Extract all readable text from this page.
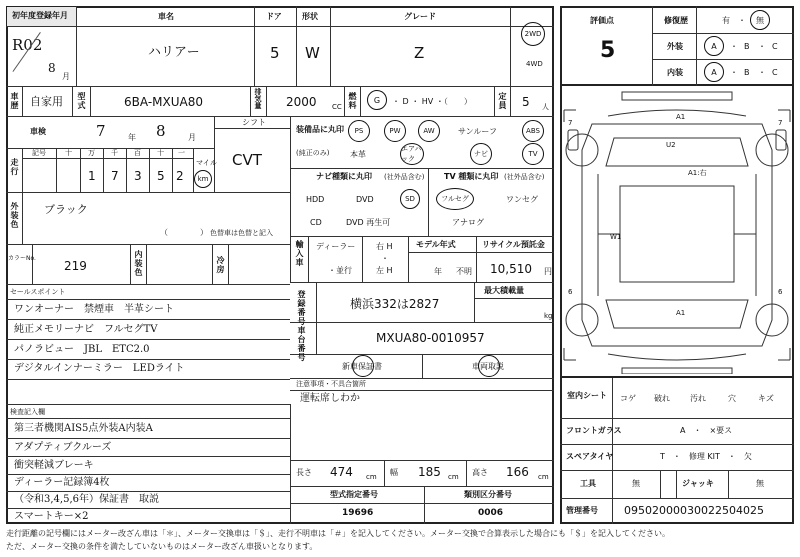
初年度登録年月
R02
8
月
車名
ハリアー
ドア
5
形状
W
グレード
Z
2WD
4WD
評価点
5
修復歴	有 ・ 無
外装	A ・ B ・ C
内装	A ・ B ・ C
車歴 自家用 型式	6BA-MXUA80	排気量 2000 CC 燃料 G ・ D ・ HV ・（　　）	定員 5 人
車検	7	年 8	月
シフト
CVT
走行
記号	十 万 千 百 十 一
1 7 3 5 2
マイル
km
装備品に丸印
(純正のみ)
PS	PW	AW	サンルーフ	ABS
本革
エアバック
ナビ	TV
ナビ種類に丸印 (社外品含む)
HDD	DVD	SD
CD	DVD 再生可
TV 種類に丸印 (社外品含む)
フルセグ	ワンセグ
アナログ
外装色 ブラック
（　　　　） 色替車は色替と記入
カラーNo.
219	内装色	冷房	輸入車 ディーラー
・並行
右 H
・
左 H
モデル年式
年 不明
リサイクル預託金
10,510 円
セールスポイント
ワンオーナー　禁煙車　半革シート
純正メモリーナビ　フルセグTV
パノラビュー　JBL　ETC2.0
デジタルインナーミラー　LEDライト
登録番号	横浜332は2827
最大積載量
kg
車台番号	MXUA80-0010957
新車保証書	車両取説
注意事項・不具合箇所
運転席しわか
検査記入欄
第三者機関AIS5点外装A内装A
アダプティブクルーズ
衝突軽減ブレーキ
ディーラー記録簿4枚
（令和3,4,5,6年）保証書　取説
スマートキー×2
長さ 474 cm 幅 185 cm 高さ 166 cm
型式指定番号
19696
類別区分番号
0006
室内シート コゲ 破れ	汚れ	穴	キズ
フロントガラス	A　・　×要ス
スペアタイヤ	T　・　修理 KIT　・　欠
工具	無	ジャッキ	無
管理番号 09502000030022504025
7	7
6	6
A1
U2
A1:右
W1
A1
走行距離の記号欄にはメーター改ざん車は「＊」、メーター交換車は「＄」、走行不明車は「＃」を記入してください。メーター交換で合算表示した場合にも「＄」を記入してください。
ただ、メーター交換の条件を満たしていないものはメーター改ざん車扱いとなります。
